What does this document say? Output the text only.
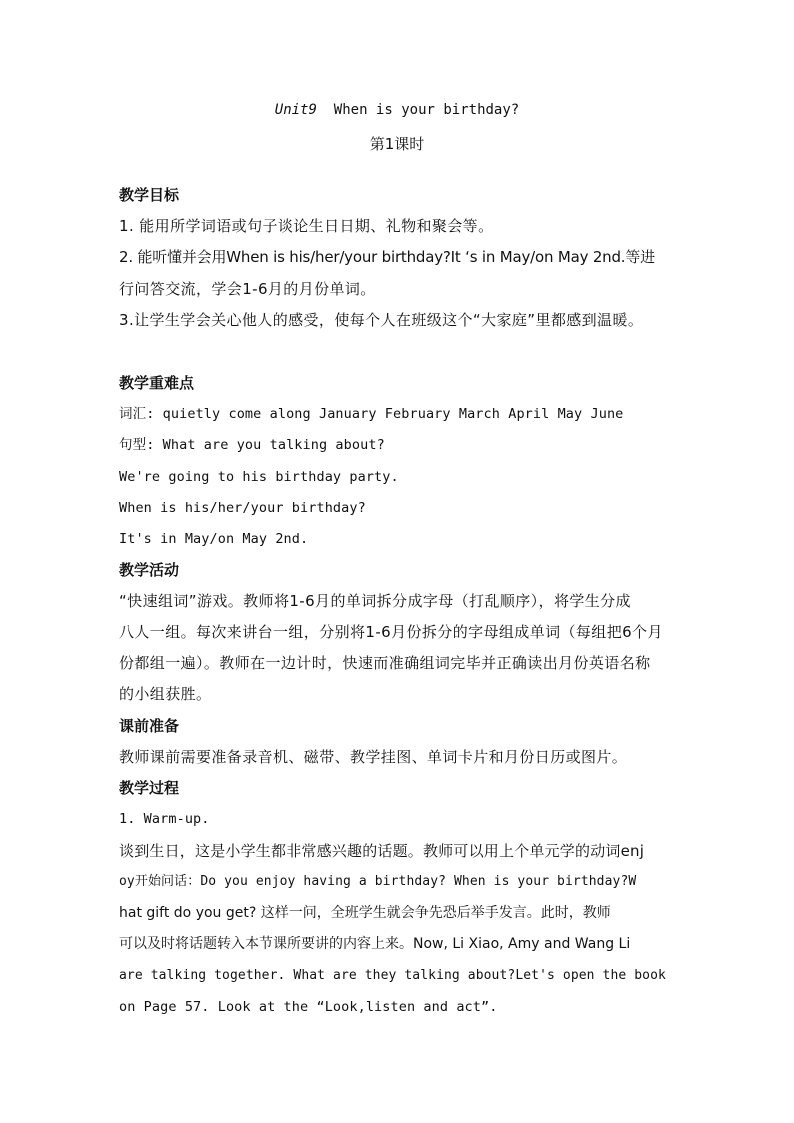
Unit9 When is your birthday?
第1课时
教学目标
1. 能用所学词语或句子谈论生日日期、礼物和聚会等。
2. 能听懂并会用When is his/her/your birthday?It ‘s in May/on May 2nd.等进
行问答交流，学会1-6月的月份单词。
3.让学生学会关心他人的感受，使每个人在班级这个“大家庭”里都感到温暖。
教学重难点
词汇: quietly come along January February March April May June
句型: What are you talking about?
We're going to his birthday party.
When is his/her/your birthday?
It's in May/on May 2nd.
教学活动
“快速组词”游戏。教师将1-6月的单词拆分成字母（打乱顺序），将学生分成
八人一组。每次来讲台一组，分别将1-6月份拆分的字母组成单词（每组把6个月
份都组一遍）。教师在一边计时，快速而准确组词完毕并正确读出月份英语名称
的小组获胜。
课前准备
教师课前需要准备录音机、磁带、教学挂图、单词卡片和月份日历或图片。
教学过程
1. Warm-up.
谈到生日，这是小学生都非常感兴趣的话题。教师可以用上个单元学的动词enj
oy开始问话：Do you enjoy having a birthday? When is your birthday?W
hat gift do you get? 这样一问，全班学生就会争先恐后举手发言。此时，教师
可以及时将话题转入本节课所要讲的内容上来。Now, Li Xiao, Amy and Wang Li
are talking together. What are they talking about?Let's open the book
on Page 57. Look at the “Look,listen and act”.
